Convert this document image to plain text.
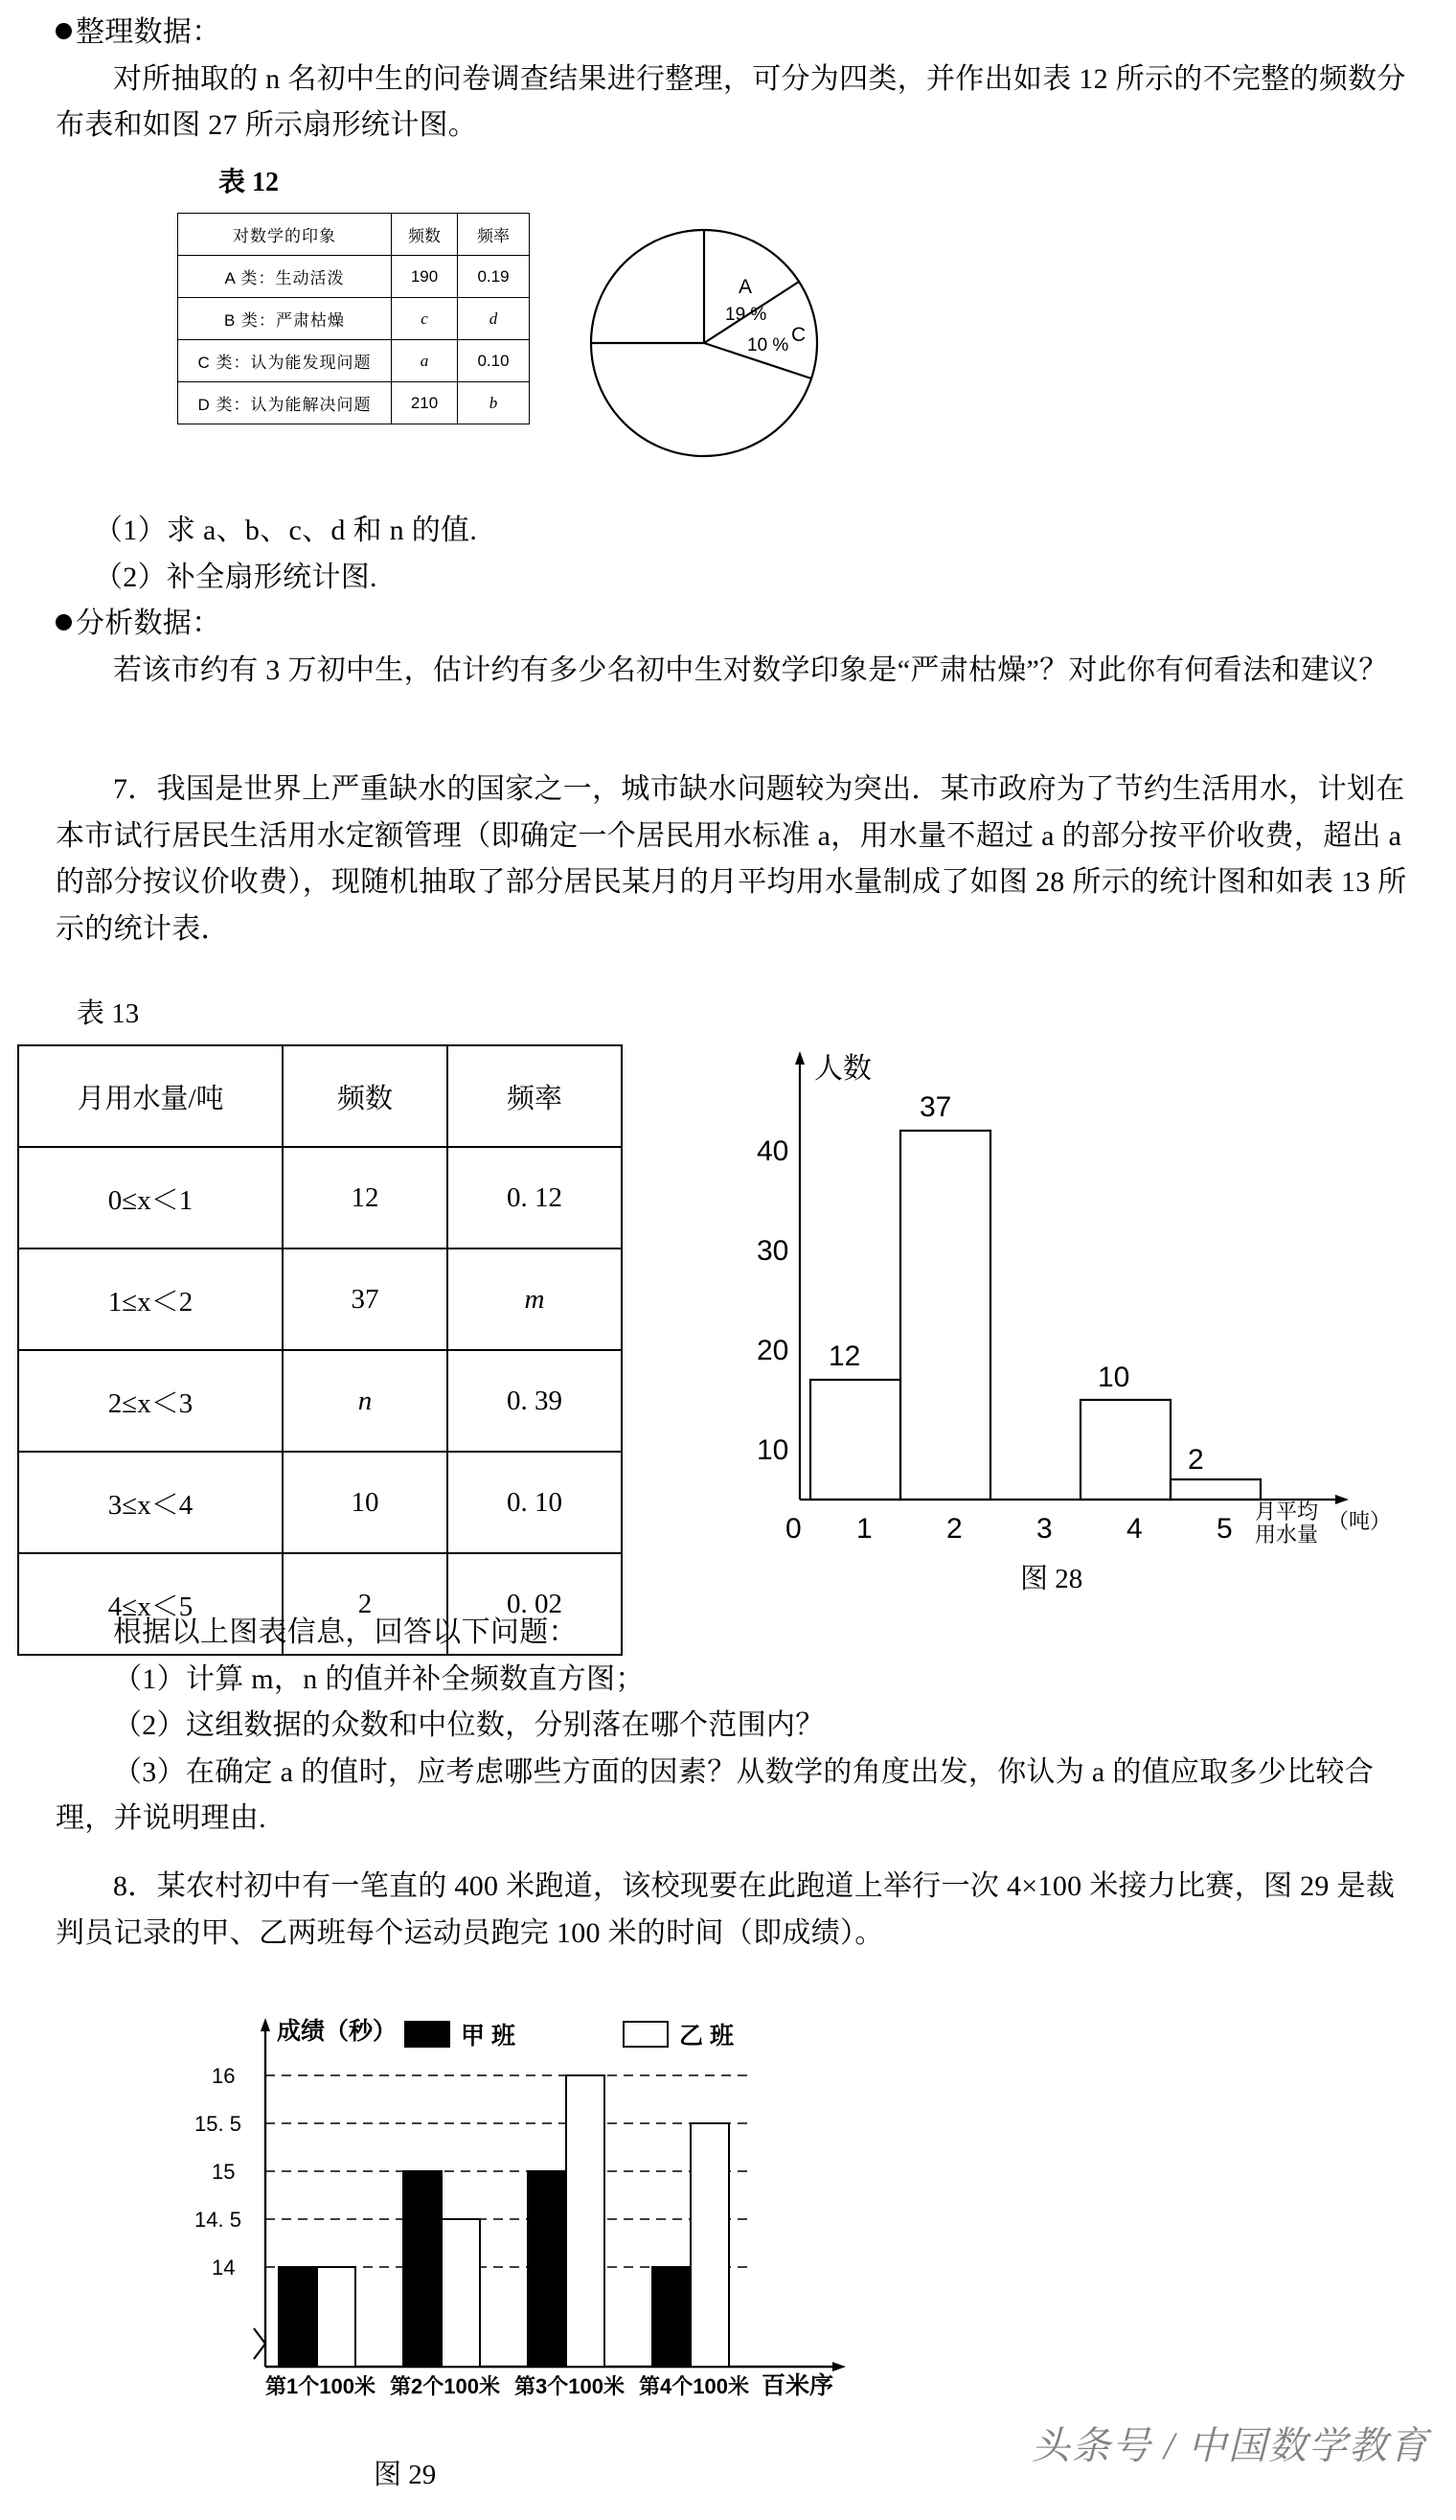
整理数据：

对所抽取的 n 名初中生的问卷调查结果进行整理，可分为四类，并作出如表 12 所示的不完整的频数分布表和如图 27 所示扇形统计图。

表 12
对数学的印象	频数	频率
A 类：生动活泼	190	0.19
B 类：严肃枯燥	c	d
C 类：认为能发现问题	a	0.10
D 类：认为能解决问题	210	b
A
19 %
C
10 %

（1）求 a、b、c、d 和 n 的值.

（2）补全扇形统计图.

分析数据：

若该市约有 3 万初中生，估计约有多少名初中生对数学印象是“严肃枯燥”？对此你有何看法和建议？

7．我国是世界上严重缺水的国家之一，城市缺水问题较为突出．某市政府为了节约生活用水，计划在本市试行居民生活用水定额管理（即确定一个居民用水标准 a，用水量不超过 a 的部分按平价收费，超出 a 的部分按议价收费），现随机抽取了部分居民某月的月平均用水量制成了如图 28 所示的统计图和如表 13 所示的统计表．
表 13
月用水量/吨	频数	频率
0≤x＜1	12	0. 12
1≤x＜2	37	m
2≤x＜3	n	0. 39
3≤x＜4	10	0. 10
4≤x＜5	2	0. 02
10
20
30
40
0 1	2	3	4	5
人数
月平均
用水量
（吨）
12
37
10
2
图 28

根据以上图表信息，回答以下问题：

（1）计算 m，n 的值并补全频数直方图；

（2）这组数据的众数和中位数，分别落在哪个范围内？

（3）在确定 a 的值时，应考虑哪些方面的因素？从数学的角度出发，你认为 a 的值应取多少比较合理，并说明理由.

8．某农村初中有一笔直的 400 米跑道，该校现要在此跑道上举行一次 4×100 米接力比赛，图 29 是裁判员记录的甲、乙两班每个运动员跑完 100 米的时间（即成绩）。
甲 班	乙 班
成绩（秒）
百米序
16
15. 5
15
14. 5
14
第1个100米 第2个100米 第3个100米 第4个100米
图 29
头条号 / 中国数学教育
